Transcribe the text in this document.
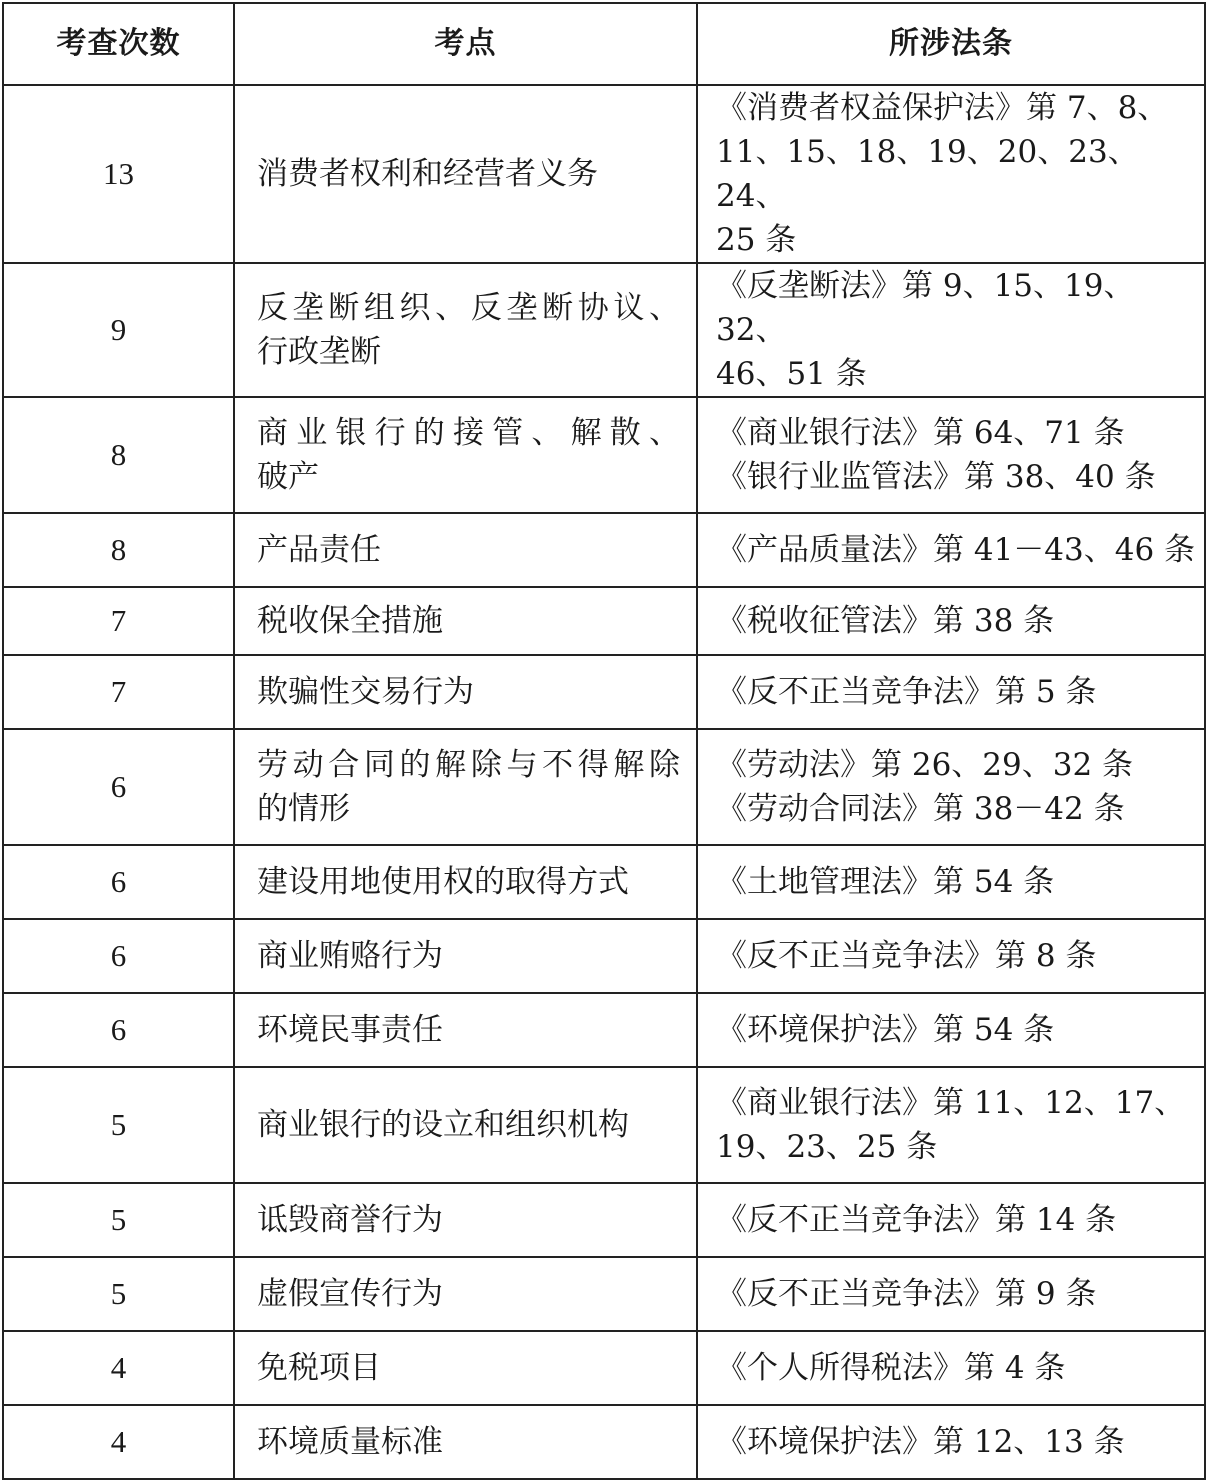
考查次数	考点	所涉法条
13	消费者权利和经营者义务	《消费者权益保护法》第 7、8、
11、15、18、19、20、23、24、
25 条

9	反垄断组织、反垄断协议、
行政垄断	《反垄断法》第 9、15、19、32、
46、51 条

8	商业银行的接管、解散、
破产	《商业银行法》第 64、71 条
《银行业监管法》第 38、40 条

8	产品责任	《产品质量法》第 41－43、46 条

7	税收保全措施	《税收征管法》第 38 条

7	欺骗性交易行为	《反不正当竞争法》第 5 条

6	劳动合同的解除与不得解除
的情形	《劳动法》第 26、29、32 条
《劳动合同法》第 38－42 条

6	建设用地使用权的取得方式	《土地管理法》第 54 条

6	商业贿赂行为	《反不正当竞争法》第 8 条

6	环境民事责任	《环境保护法》第 54 条

5	商业银行的设立和组织机构	《商业银行法》第 11、12、17、
19、23、25 条

5	诋毁商誉行为	《反不正当竞争法》第 14 条

5	虚假宣传行为	《反不正当竞争法》第 9 条

4	免税项目	《个人所得税法》第 4 条

4	环境质量标准	《环境保护法》第 12、13 条
